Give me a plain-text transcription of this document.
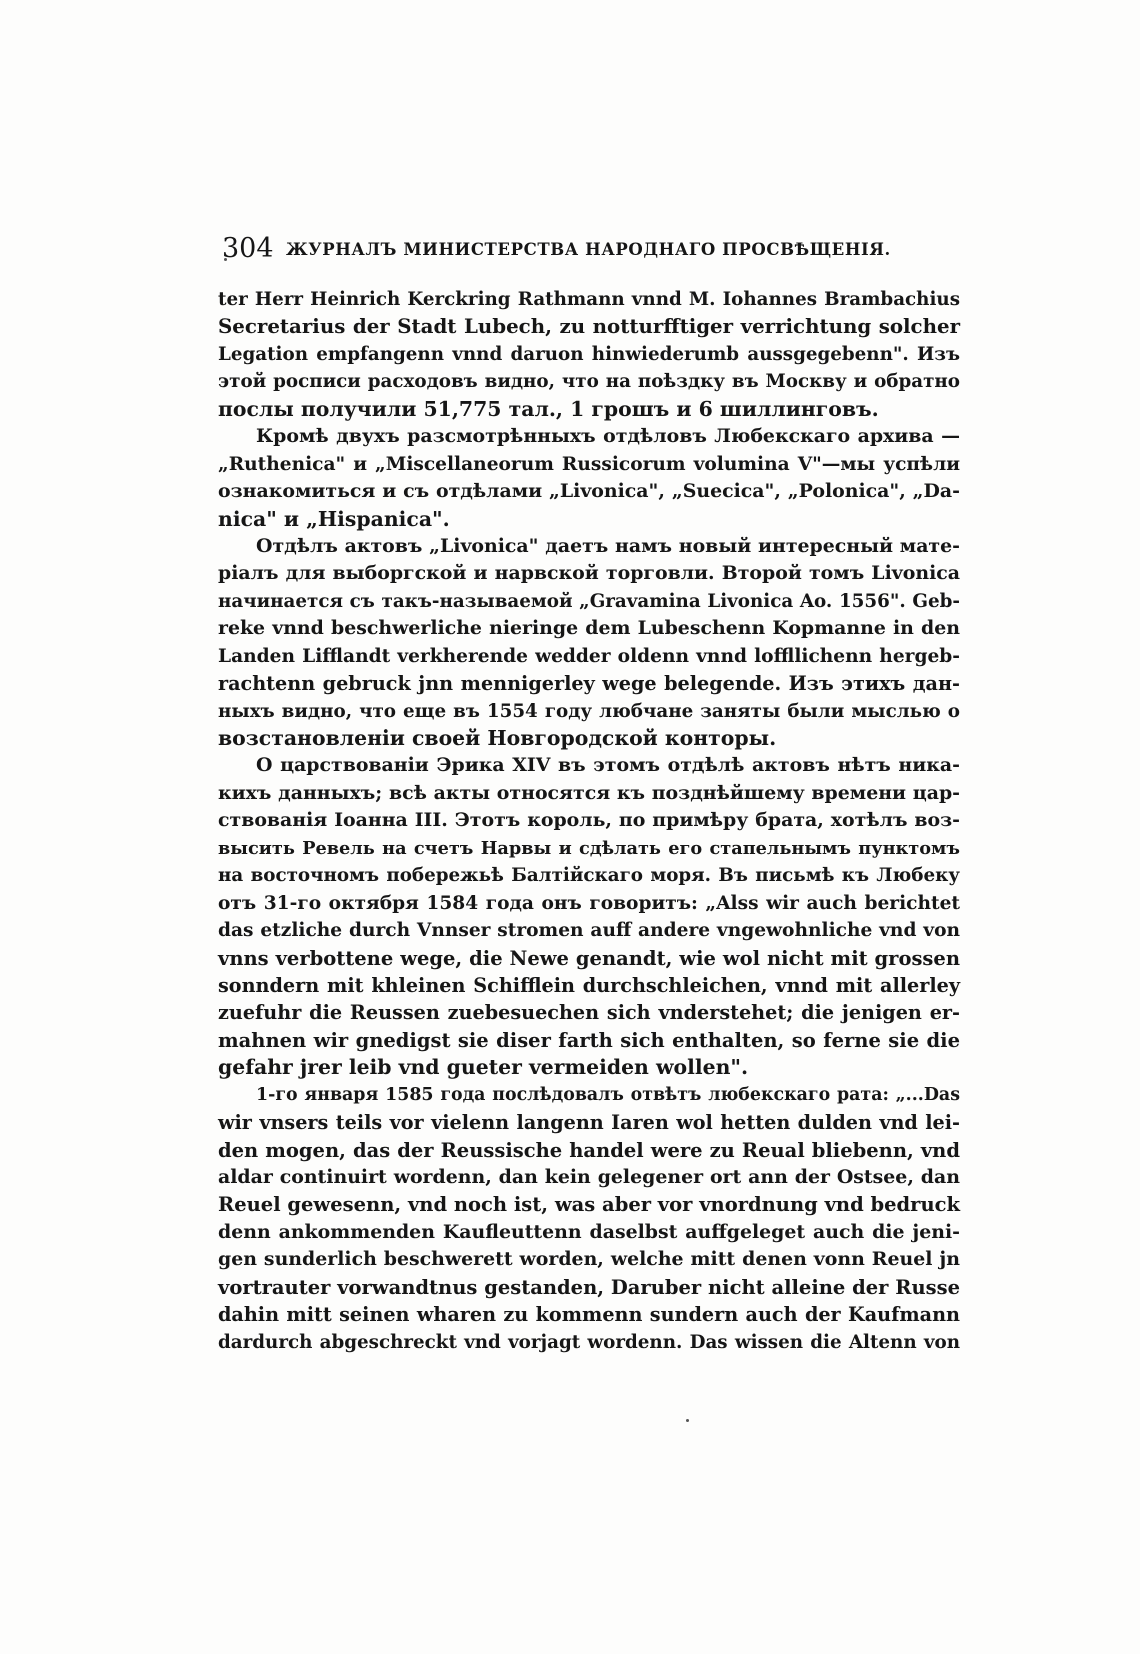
304 ЖУРНАЛЪ МИНИСТЕРСТВА НАРОДНАГО ПРОСВѢЩЕНІЯ.
ter Herr Heinrich Kerckring Rathmann vnnd M. Iohannes Brambachius
Secretarius der Stadt Lubech, zu notturfftiger verrichtung solcher
Legation empfangenn vnnd daruon hinwiederumb aussgegebenn". Изъ
этой росписи расходовъ видно, что на поѣздку въ Москву и обратно
послы получили 51,775 тал., 1 грошъ и 6 шиллинговъ.
Кромѣ двухъ разсмотрѣнныхъ отдѣловъ Любекскаго архива —
„Ruthenica" и „Miscellaneorum Russicorum volumina V"—мы успѣли
ознакомиться и съ отдѣлами „Livonica", „Suecica", „Polonica", „Da-
nica" и „Hispanica".
Отдѣлъ актовъ „Livonica" даетъ намъ новый интересный мате-
ріалъ для выборгской и нарвской торговли. Второй томъ Livonica
начинается съ такъ-называемой „Gravamina Livonica Ao. 1556". Geb-
reke vnnd beschwerliche nieringe dem Lubeschenn Kopmanne in den
Landen Lifflandt verkherende wedder oldenn vnnd loffllichenn hergeb-
rachtenn gebruck jnn mennigerley wege belegende. Изъ этихъ дан-
ныхъ видно, что еще въ 1554 году любчане заняты были мыслью о
возстановленіи своей Новгородской конторы.
О царствованіи Эрика XIV въ этомъ отдѣлѣ актовъ нѣтъ ника-
кихъ данныхъ; всѣ акты относятся къ позднѣйшему времени цар-
ствованія Іоанна III. Этотъ король, по примѣру брата, хотѣлъ воз-
высить Ревель на счетъ Нарвы и сдѣлать его стапельнымъ пунктомъ
на восточномъ побережьѣ Балтійскаго моря. Въ письмѣ къ Любеку
отъ 31-го октября 1584 года онъ говоритъ: „Alss wir auch berichtet
das etzliche durch Vnnser stromen auff andere vngewohnliche vnd von
vnns verbottene wege, die Newe genandt, wie wol nicht mit grossen
sonndern mit khleinen Schifflein durchschleichen, vnnd mit allerley
zuefuhr die Reussen zuebesuechen sich vnderstehet; die jenigen er-
mahnen wir gnedigst sie diser farth sich enthalten, so ferne sie die
gefahr jrer leib vnd gueter vermeiden wollen".
1-го января 1585 года послѣдовалъ отвѣтъ любекскаго рата: „...Das
wir vnsers teils vor vielenn langenn Iaren wol hetten dulden vnd lei-
den mogen, das der Reussische handel were zu Reual bliebenn, vnd
aldar continuirt wordenn, dan kein gelegener ort ann der Ostsee, dan
Reuel gewesenn, vnd noch ist, was aber vor vnordnung vnd bedruck
denn ankommenden Kaufleuttenn daselbst auffgeleget auch die jeni-
gen sunderlich beschwerett worden, welche mitt denen vonn Reuel jn
vortrauter vorwandtnus gestanden, Daruber nicht alleine der Russe
dahin mitt seinen wharen zu kommenn sundern auch der Kaufmann
dardurch abgeschreckt vnd vorjagt wordenn. Das wissen die Altenn von
